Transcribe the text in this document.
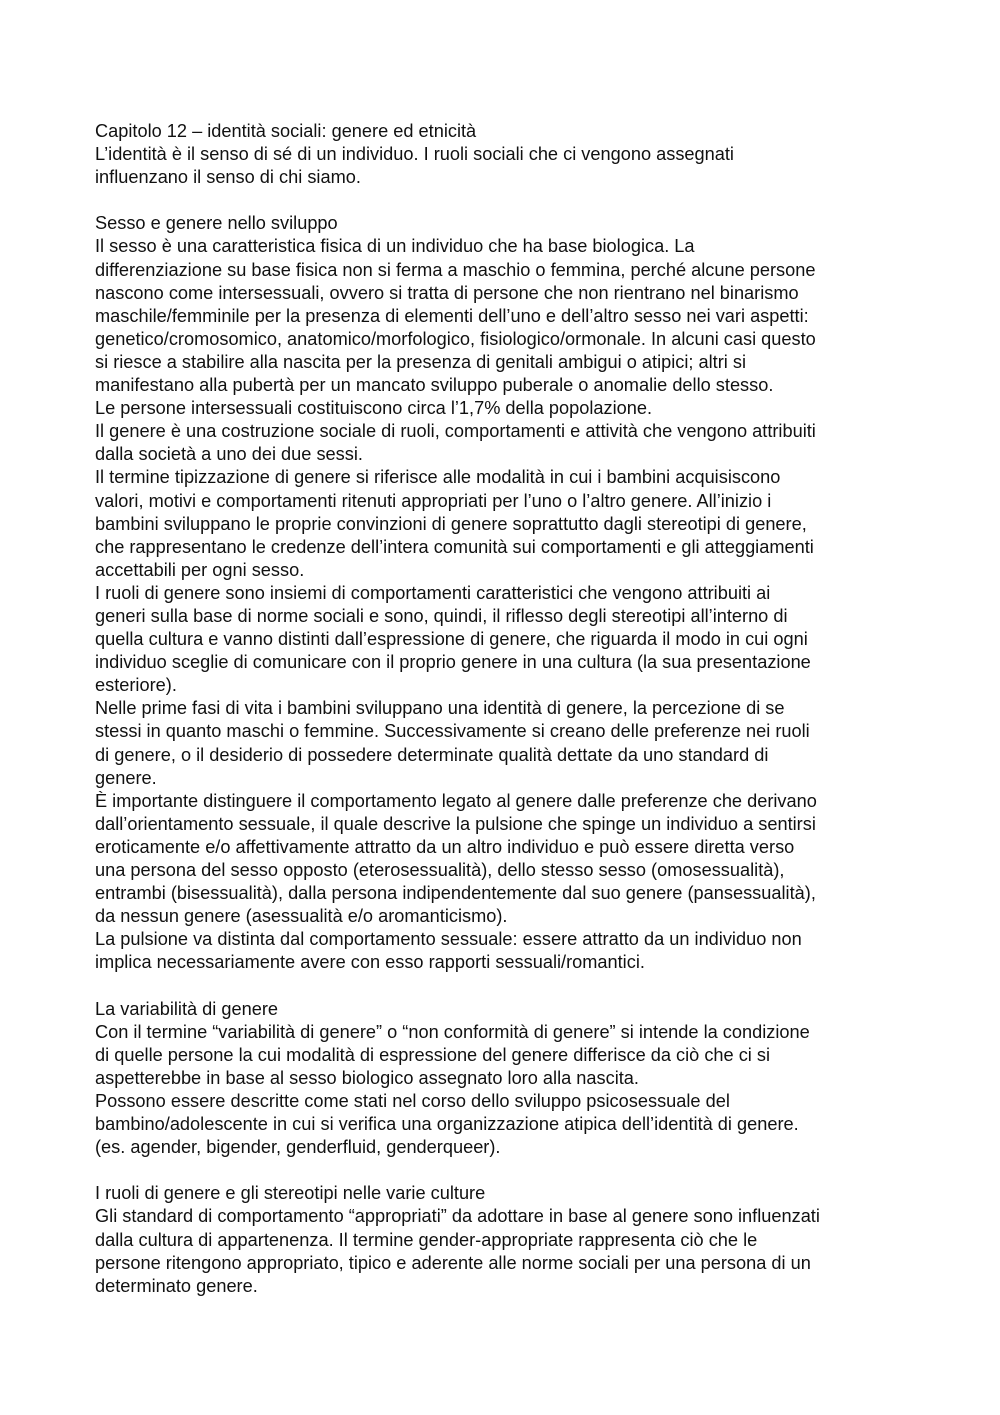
Capitolo 12 – identità sociali: genere ed etnicità
L’identità è il senso di sé di un individuo. I ruoli sociali che ci vengono assegnati
influenzano il senso di chi siamo.
Sesso e genere nello sviluppo
Il sesso è una caratteristica fisica di un individuo che ha base biologica. La
differenziazione su base fisica non si ferma a maschio o femmina, perché alcune persone
nascono come intersessuali, ovvero si tratta di persone che non rientrano nel binarismo
maschile/femminile per la presenza di elementi dell’uno e dell’altro sesso nei vari aspetti:
genetico/cromosomico, anatomico/morfologico, fisiologico/ormonale. In alcuni casi questo
si riesce a stabilire alla nascita per la presenza di genitali ambigui o atipici; altri si
manifestano alla pubertà per un mancato sviluppo puberale o anomalie dello stesso.
Le persone intersessuali costituiscono circa l’1,7% della popolazione.
Il genere è una costruzione sociale di ruoli, comportamenti e attività che vengono attribuiti
dalla società a uno dei due sessi.
Il termine tipizzazione di genere si riferisce alle modalità in cui i bambini acquisiscono
valori, motivi e comportamenti ritenuti appropriati per l’uno o l’altro genere. All’inizio i
bambini sviluppano le proprie convinzioni di genere soprattutto dagli stereotipi di genere,
che rappresentano le credenze dell’intera comunità sui comportamenti e gli atteggiamenti
accettabili per ogni sesso.
I ruoli di genere sono insiemi di comportamenti caratteristici che vengono attribuiti ai
generi sulla base di norme sociali e sono, quindi, il riflesso degli stereotipi all’interno di
quella cultura e vanno distinti dall’espressione di genere, che riguarda il modo in cui ogni
individuo sceglie di comunicare con il proprio genere in una cultura (la sua presentazione
esteriore).
Nelle prime fasi di vita i bambini sviluppano una identità di genere, la percezione di se
stessi in quanto maschi o femmine. Successivamente si creano delle preferenze nei ruoli
di genere, o il desiderio di possedere determinate qualità dettate da uno standard di
genere.
È importante distinguere il comportamento legato al genere dalle preferenze che derivano
dall’orientamento sessuale, il quale descrive la pulsione che spinge un individuo a sentirsi
eroticamente e/o affettivamente attratto da un altro individuo e può essere diretta verso
una persona del sesso opposto (eterosessualità), dello stesso sesso (omosessualità),
entrambi (bisessualità), dalla persona indipendentemente dal suo genere (pansessualità),
da nessun genere (asessualità e/o aromanticismo).
La pulsione va distinta dal comportamento sessuale: essere attratto da un individuo non
implica necessariamente avere con esso rapporti sessuali/romantici.
La variabilità di genere
Con il termine “variabilità di genere” o “non conformità di genere” si intende la condizione
di quelle persone la cui modalità di espressione del genere differisce da ciò che ci si
aspetterebbe in base al sesso biologico assegnato loro alla nascita.
Possono essere descritte come stati nel corso dello sviluppo psicosessuale del
bambino/adolescente in cui si verifica una organizzazione atipica dell’identità di genere.
(es. agender, bigender, genderfluid, genderqueer).
I ruoli di genere e gli stereotipi nelle varie culture
Gli standard di comportamento “appropriati” da adottare in base al genere sono influenzati
dalla cultura di appartenenza. Il termine gender-appropriate rappresenta ciò che le
persone ritengono appropriato, tipico e aderente alle norme sociali per una persona di un
determinato genere.
